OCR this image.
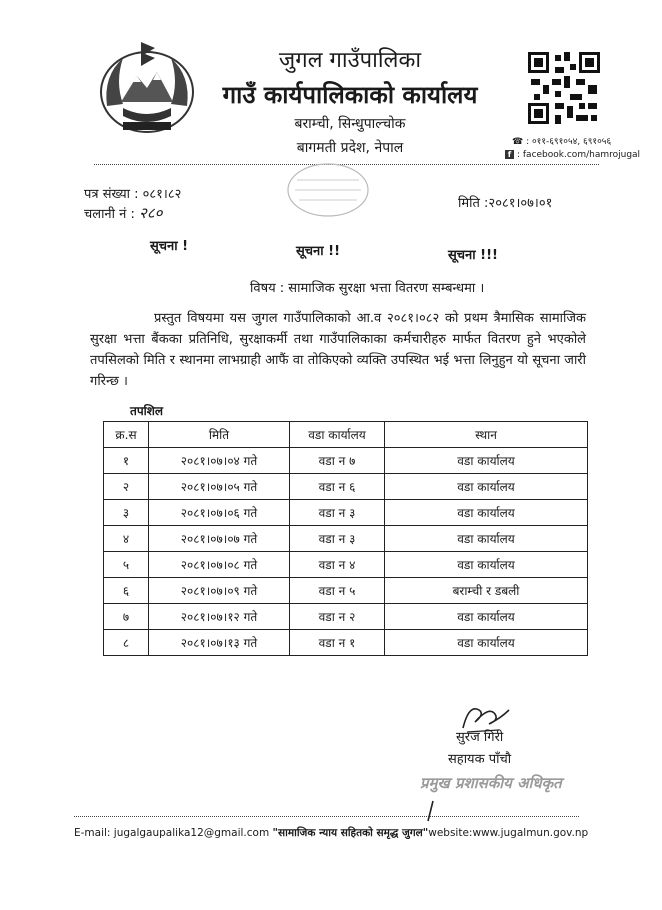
जुगल गाउँपालिका
गाउँ कार्यपालिकाको कार्यालय
बराम्ची, सिन्धुपाल्चोक
बागमती प्रदेश, नेपाल	☎ : ०११-६९१०५४, ६९१०५६
f : facebook.com/hamrojugal
पत्र संख्या : ०८१।८२
चलानी नं : २८०
मिति :२०८१।०७।०१
सूचना !	सूचना !!	सूचना !!!
विषय : सामाजिक सुरक्षा भत्ता वितरण सम्बन्धमा ।
प्रस्तुत विषयमा यस जुगल गाउँपालिकाको आ.व २०८१।०८२ को प्रथम त्रैमासिक सामाजिक सुरक्षा भत्ता बैंकका प्रतिनिधि, सुरक्षाकर्मी तथा गाउँपालिकाका कर्मचारीहरु मार्फत वितरण हुने भएकोले तपसिलको मिति र स्थानमा लाभग्राही आफैं वा तोकिएको व्यक्ति उपस्थित भई भत्ता लिनुहुन यो सूचना जारी गरिन्छ ।
तपशिल
क्र.स	मिति	वडा कार्यालय	स्थान
१	२०८१।०७।०४ गते	वडा न ७	वडा कार्यालय
२	२०८१।०७।०५ गते	वडा न ६	वडा कार्यालय
३	२०८१।०७।०६ गते	वडा न ३	वडा कार्यालय
४	२०८१।०७।०७ गते	वडा न ३	वडा कार्यालय
५	२०८१।०७।०८ गते	वडा न ४	वडा कार्यालय
६	२०८१।०७।०९ गते	वडा न ५	बराम्ची र डबली
७	२०८१।०७।१२ गते	वडा न २	वडा कार्यालय
८	२०८१।०७।१३ गते	वडा न १	वडा कार्यालय
सुरज गिरी
सहायक पाँचौ
प्रमुख प्रशासकीय अधिकृत
E-mail: jugalgaupalika12@gmail.com "सामाजिक न्याय सहितको समृद्ध जुगल"website:www.jugalmun.gov.np
